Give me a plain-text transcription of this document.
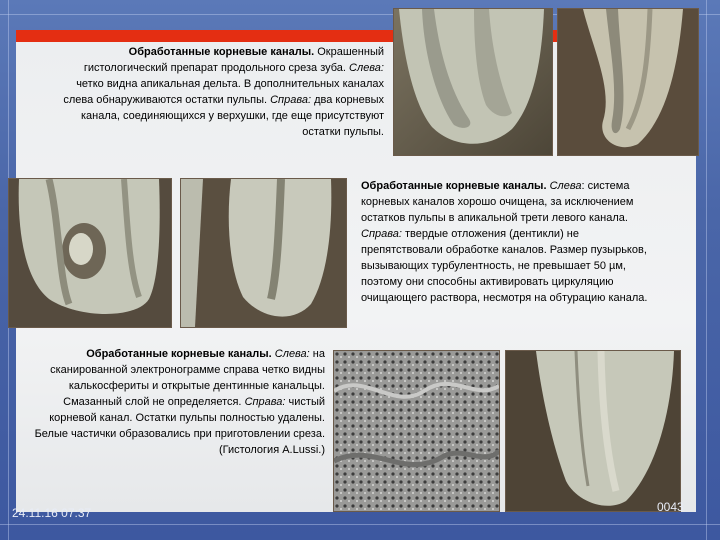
Обработанные корневые каналы. Окрашенный гистологический препарат продольного среза зуба. Слева: четко видна апикальная дельта. В дополнительных каналах слева обнаруживаются остатки пульпы. Справа: два корневых канала, соединяющихся у верхушки, где еще присутствуют остатки пульпы.
Обработанные корневые каналы. Слева: система корневых каналов хорошо очищена, за исключением остатков пульпы в апикальной трети левого канала. Справа: твердые отложения (дентикли) не препятствовали обработке каналов. Размер пузырьков, вызывающих турбулентность, не превышает 50 µм, поэтому они способны активировать циркуляцию очищающего раствора, несмотря на обтурацию канала.
Обработанные корневые каналы. Слева: на сканированной электронограмме справа четко видны калькосфериты и открытые дентинные канальцы. Смазанный слой не определяется. Справа: чистый корневой канал. Остатки пульпы полностью удалены. Белые частички образовались при приготовлении среза. (Гистология A.Lussi.)
24.11.16 07:37	0043
